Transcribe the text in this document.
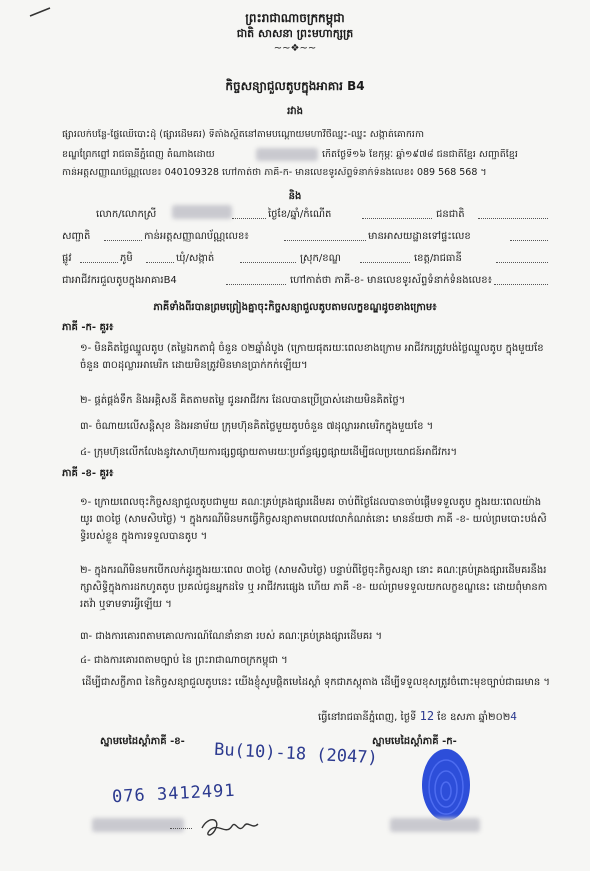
ព្រះរាជាណាចក្រកម្ពុជា
ជាតិ សាសនា ព្រះមហាក្សត្រ
~~❖~~
កិច្ចសន្យាជួលតូបក្នុងអាគារ B4
រវាង
ផ្សារលក់បន្លែ-ផ្លែឈើបោះដុំ (ផ្សារដើមគរ) ទីតាំងស្ថិតនៅតាមបណ្តោយមហាវិថីឈ្នះ-ឈ្នះ សង្កាត់គោករកា
ខណ្ឌព្រែកព្នៅ រាជធានីភ្នំពេញ តំណាងដោយ	កើតថ្ងៃទី១៦ ខែកុម្ភៈ ឆ្នាំ១៩៧៨ ជនជាតិខ្មែរ សញ្ជាតិខ្មែរ
កាន់អត្តសញ្ញាណប័ណ្ណលេខ៖ 040109328 ហៅកាត់ថា ភាគី-ក- មានលេខទូរស័ព្ទទំនាក់ទំនងលេខ៖ 089 568 568 ។
និង
លោក/លោកស្រី	ថ្ងៃខែ/ឆ្នាំ/កំណើត	ជនជាតិ
សញ្ជាតិ	កាន់អត្តសញ្ញាណប័ណ្ណលេខ៖	មានអាសយដ្ឋានទៅផ្ទះលេខ
ផ្លូវ	ភូមិ	ឃុំ/សង្កាត់	ស្រុក/ខណ្ឌ	ខេត្ត/រាជធានី
ជាអាជីវករជួលតូបក្នុងអាគារB4	ហៅកាត់ថា ភាគី-ខ- មានលេខទូរស័ព្ទទំនាក់ទំនងលេខ៖
ភាគីទាំងពីរបានព្រមព្រៀងគ្នាចុះកិច្ចសន្យាជួលតូបតាមលក្ខខណ្ឌដូចខាងក្រោម៖
ភាគី -ក- គួរ៖
១- មិនគិតថ្លៃឈ្នួលតូប (តម្លៃឯកតាជុំ ចំនួន ០២ឆ្នាំដំបូង (ក្រោយផុតរយៈពេលខាងក្រោម អាជីវករត្រូវបង់ថ្លៃឈ្នួលតូប ក្នុងមួយខែចំនួន ៣០ដុល្លារអាមេរិក ដោយមិនត្រូវមិនមានប្រាក់កក់ឡើយ។
២- ផ្គត់ផ្គង់ទឹក និងអគ្គិសនី គិតតាមតម្លៃ ជូនអាជីវករ ដែលបានប្រើប្រាស់ដោយមិនគិតថ្លៃ។
៣- ចំណាយលើសន្តិសុខ និងអនាម័យ ក្រុមហ៊ុនគិតថ្លៃមួយតូបចំនួន ៧ដុល្លារអាមេរិកក្នុងមួយខែ ។
៤- ក្រុមហ៊ុនលើកលែងនូវសោហ៊ុយការផ្សព្វផ្សាយតាមរយៈប្រព័ន្ធផ្សព្វផ្សាយដើម្បីផលប្រយោជន៍អាជីវករ។
ភាគី -ខ- គួរ៖
១- ក្រោយពេលចុះកិច្ចសន្យាជួលតូបជាមួយ គណៈគ្រប់គ្រងផ្សារដើមគរ ចាប់ពីថ្ងៃដែលបានចាប់ផ្តើមទទួលតូប ក្នុងរយៈពេលយ៉ាងយូរ ៣០ថ្ងៃ (សាមសិបថ្ងៃ) ។ ក្នុងករណីមិនមកធ្វើកិច្ចសន្យាតាមពេលវេលាកំណត់នោះ មានន័យថា ភាគី -ខ- យល់ព្រមបោះបង់សិទ្ធិរបស់ខ្លួន ក្នុងការទទួលបានតូប ។
២- ក្នុងករណីមិនមកបើកលក់ដូរក្នុងរយៈពេល ៣០ថ្ងៃ (សាមសិបថ្ងៃ) បន្ទាប់ពីថ្ងៃចុះកិច្ចសន្យា នោះ គណៈគ្រប់គ្រងផ្សារដើមគរនឹងរក្សាសិទ្ធិក្នុងការដកហូតតូប ប្រគល់ជូនអ្នកដទៃ ឬ អាជីវករផ្សេង ហើយ ភាគី -ខ- យល់ព្រមទទួលយកលក្ខខណ្ឌនេះ ដោយពុំមានការតវ៉ា ឬទាមទារអ្វីឡើយ ។
៣- ជាងការគោរពតាមគោលការណ៍ណែនាំនានា របស់ គណៈគ្រប់គ្រងផ្សារដើមគរ ។
៤- ជាងការគោរពតាមច្បាប់ នៃ ព្រះរាជាណាចក្រកម្ពុជា ។
ដើម្បីជាសក្ខីភាព នៃកិច្ចសន្យាជួលតូបនេះ យើងខ្ញុំសូមផ្តិតមេដៃស្តាំ ទុកជាភស្តុតាង ដើម្បីទទួលខុសត្រូវចំពោះមុខច្បាប់ជាធរមាន ។
ធ្វើនៅរាជធានីភ្នំពេញ, ថ្ងៃទី 12 ខែ ឧសភា ឆ្នាំ២០២4
ស្នាមមេដៃស្តាំភាគី -ខ-	ស្នាមមេដៃស្តាំភាគី -ក-
Bu(10)-18 (2047)
076 3412491
